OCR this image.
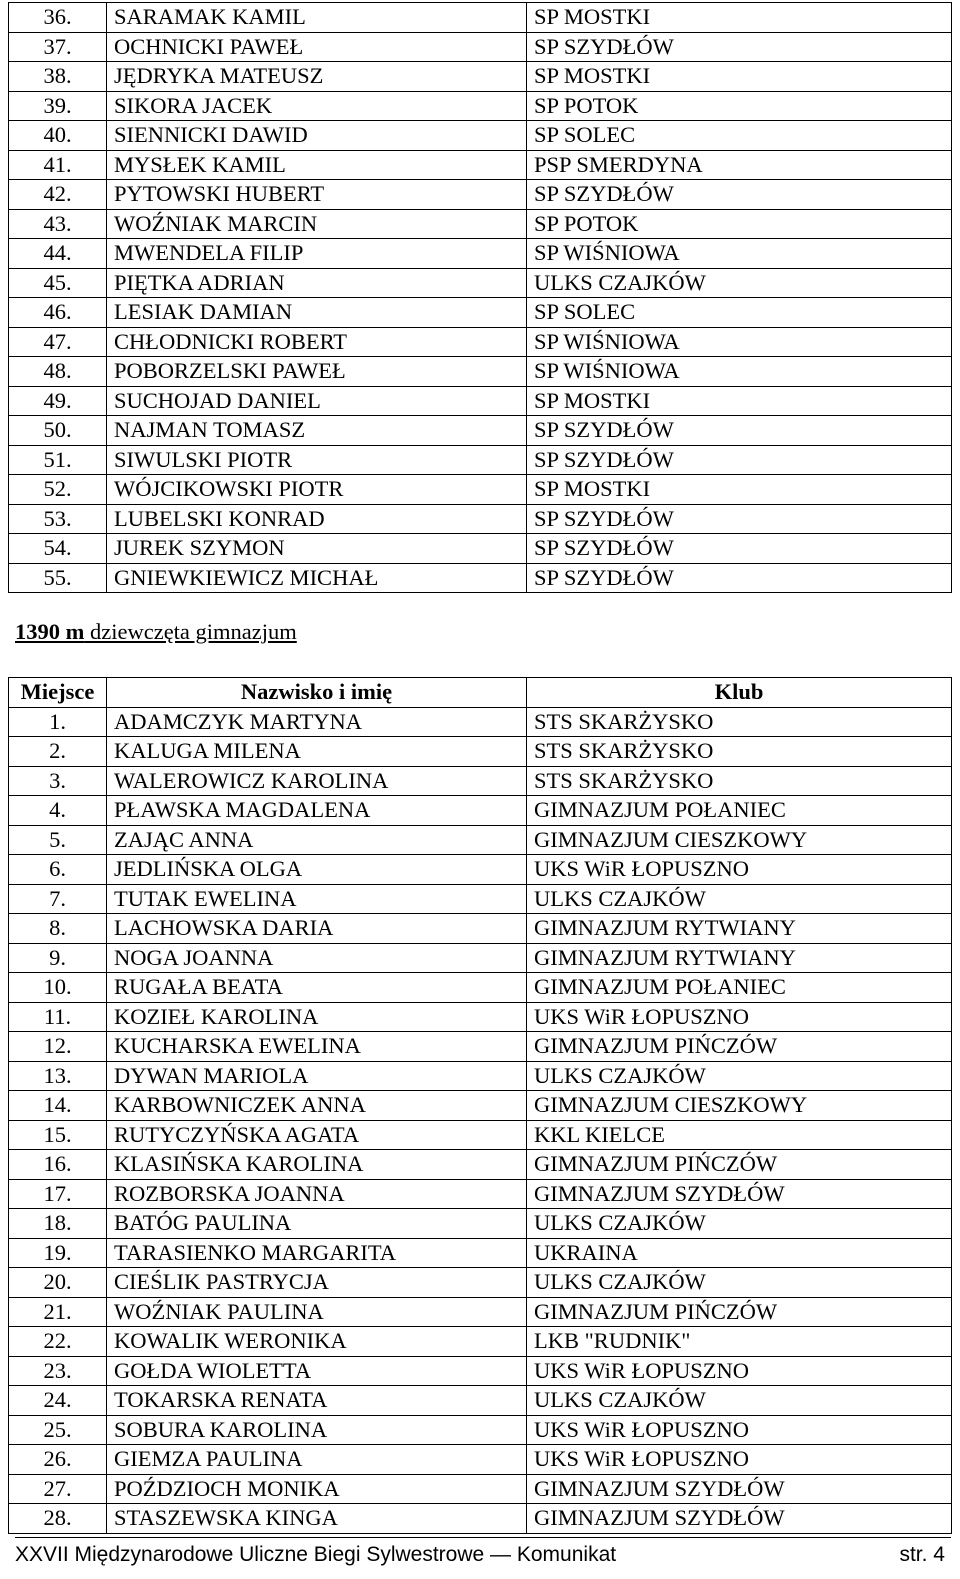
36.	SARAMAK KAMIL	SP MOSTKI
37.	OCHNICKI PAWEŁ	SP SZYDŁÓW
38.	JĘDRYKA MATEUSZ	SP MOSTKI
39.	SIKORA JACEK	SP POTOK
40.	SIENNICKI DAWID	SP SOLEC
41.	MYSŁEK KAMIL	PSP SMERDYNA
42.	PYTOWSKI HUBERT	SP SZYDŁÓW
43.	WOŹNIAK MARCIN	SP POTOK
44.	MWENDELA FILIP	SP WIŚNIOWA
45.	PIĘTKA ADRIAN	ULKS CZAJKÓW
46.	LESIAK DAMIAN	SP SOLEC
47.	CHŁODNICKI ROBERT	SP WIŚNIOWA
48.	POBORZELSKI PAWEŁ	SP WIŚNIOWA
49.	SUCHOJAD DANIEL	SP MOSTKI
50.	NAJMAN TOMASZ	SP SZYDŁÓW
51.	SIWULSKI PIOTR	SP SZYDŁÓW
52.	WÓJCIKOWSKI PIOTR	SP MOSTKI
53.	LUBELSKI KONRAD	SP SZYDŁÓW
54.	JUREK SZYMON	SP SZYDŁÓW
55.	GNIEWKIEWICZ MICHAŁ	SP SZYDŁÓW
1390 m dziewczęta gimnazjum
Miejsce	Nazwisko i imię	Klub
1.	ADAMCZYK MARTYNA	STS SKARŻYSKO
2.	KALUGA MILENA	STS SKARŻYSKO
3.	WALEROWICZ KAROLINA	STS SKARŻYSKO
4.	PŁAWSKA MAGDALENA	GIMNAZJUM POŁANIEC
5.	ZAJĄC ANNA	GIMNAZJUM CIESZKOWY
6.	JEDLIŃSKA OLGA	UKS WiR ŁOPUSZNO
7.	TUTAK EWELINA	ULKS CZAJKÓW
8.	LACHOWSKA DARIA	GIMNAZJUM RYTWIANY
9.	NOGA JOANNA	GIMNAZJUM RYTWIANY
10.	RUGAŁA BEATA	GIMNAZJUM POŁANIEC
11.	KOZIEŁ KAROLINA	UKS WiR ŁOPUSZNO
12.	KUCHARSKA EWELINA	GIMNAZJUM PIŃCZÓW
13.	DYWAN MARIOLA	ULKS CZAJKÓW
14.	KARBOWNICZEK ANNA	GIMNAZJUM CIESZKOWY
15.	RUTYCZYŃSKA AGATA	KKL KIELCE
16.	KLASIŃSKA KAROLINA	GIMNAZJUM PIŃCZÓW
17.	ROZBORSKA JOANNA	GIMNAZJUM SZYDŁÓW
18.	BATÓG PAULINA	ULKS CZAJKÓW
19.	TARASIENKO MARGARITA	UKRAINA
20.	CIEŚLIK PASTRYCJA	ULKS CZAJKÓW
21.	WOŹNIAK PAULINA	GIMNAZJUM PIŃCZÓW
22.	KOWALIK WERONIKA	LKB "RUDNIK"
23.	GOŁDA WIOLETTA	UKS WiR ŁOPUSZNO
24.	TOKARSKA RENATA	ULKS CZAJKÓW
25.	SOBURA KAROLINA	UKS WiR ŁOPUSZNO
26.	GIEMZA PAULINA	UKS WiR ŁOPUSZNO
27.	POŹDZIOCH MONIKA	GIMNAZJUM SZYDŁÓW
28.	STASZEWSKA KINGA	GIMNAZJUM SZYDŁÓW
XXVII Międzynarodowe Uliczne Biegi Sylwestrowe — Komunikat	str. 4
